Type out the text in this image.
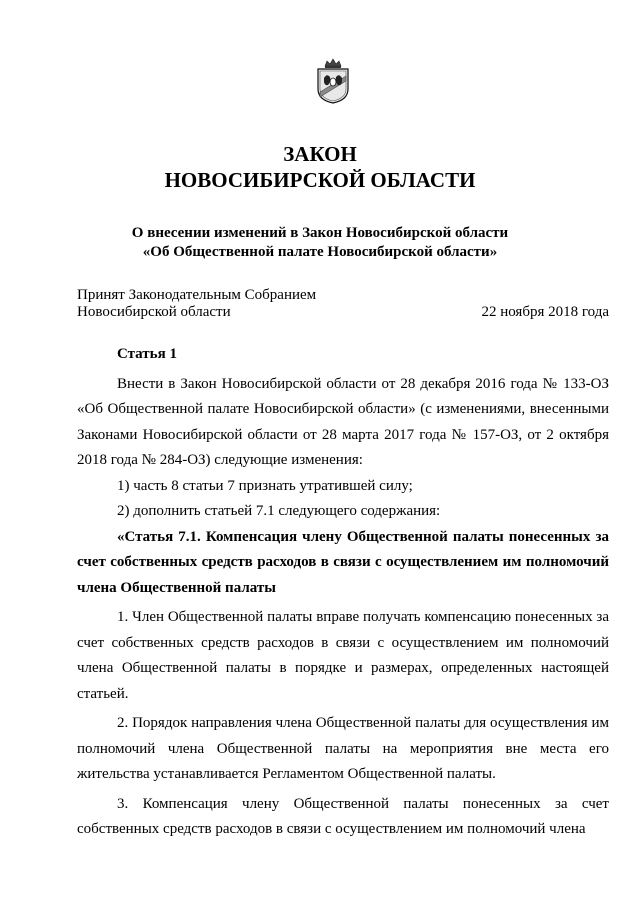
ЗАКОН
НОВОСИБИРСКОЙ ОБЛАСТИ
О внесении изменений в Закон Новосибирской области
«Об Общественной палате Новосибирской области»
Принят Законодательным Собранием
Новосибирской области	22 ноября 2018 года

Статья 1

Внести в Закон Новосибирской области от 28 декабря 2016 года № 133-ОЗ «Об Общественной палате Новосибирской области» (с изменениями, внесенными Законами Новосибирской области от 28 марта 2017 года № 157-ОЗ, от 2 октября 2018 года № 284-ОЗ) следующие изменения:

1) часть 8 статьи 7 признать утратившей силу;

2) дополнить статьей 7.1 следующего содержания:

«Статья 7.1. Компенсация члену Общественной палаты понесенных за счет собственных средств расходов в связи с осуществлением им полномочий члена Общественной палаты

1. Член Общественной палаты вправе получать компенсацию понесенных за счет собственных средств расходов в связи с осуществлением им полномочий члена Общественной палаты в порядке и размерах, определенных настоящей статьей.

2. Порядок направления члена Общественной палаты для осуществления им полномочий члена Общественной палаты на мероприятия вне места его жительства устанавливается Регламентом Общественной палаты.

3. Компенсация члену Общественной палаты понесенных за счет собственных средств расходов в связи с осуществлением им полномочий члена
